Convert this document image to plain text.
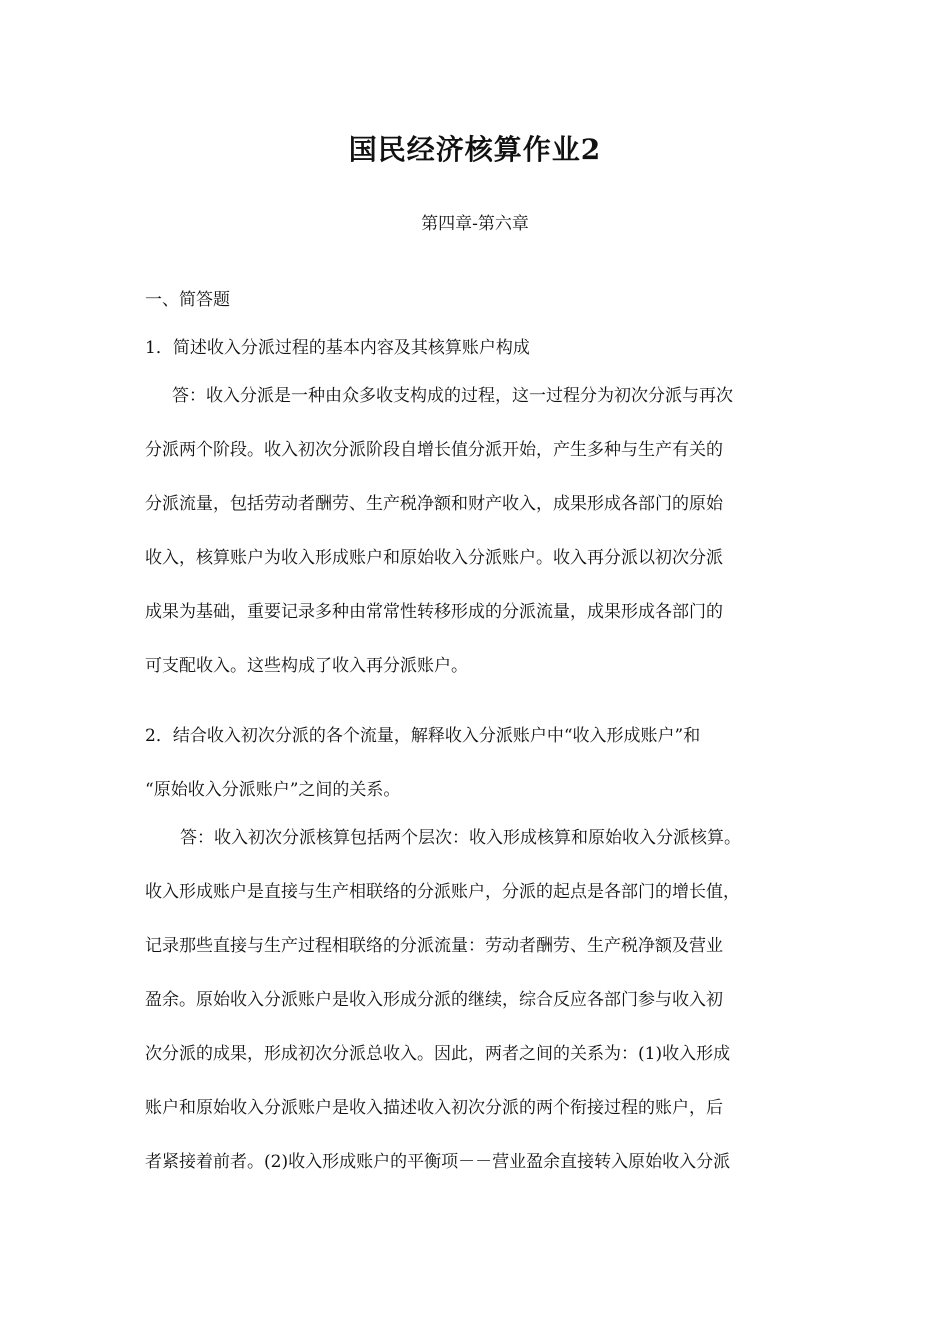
国民经济核算作业2
第四章-第六章
一、简答题
1．简述收入分派过程的基本内容及其核算账户构成
答：收入分派是一种由众多收支构成的过程，这一过程分为初次分派与再次
分派两个阶段。收入初次分派阶段自增长值分派开始，产生多种与生产有关的
分派流量，包括劳动者酬劳、生产税净额和财产收入，成果形成各部门的原始
收入，核算账户为收入形成账户和原始收入分派账户。收入再分派以初次分派
成果为基础，重要记录多种由常常性转移形成的分派流量，成果形成各部门的
可支配收入。这些构成了收入再分派账户。
2．结合收入初次分派的各个流量，解释收入分派账户中“收入形成账户”和
“原始收入分派账户”之间的关系。
答：收入初次分派核算包括两个层次：收入形成核算和原始收入分派核算。
收入形成账户是直接与生产相联络的分派账户，分派的起点是各部门的增长值，
记录那些直接与生产过程相联络的分派流量：劳动者酬劳、生产税净额及营业
盈余。原始收入分派账户是收入形成分派的继续，综合反应各部门参与收入初
次分派的成果，形成初次分派总收入。因此，两者之间的关系为：(1)收入形成
账户和原始收入分派账户是收入描述收入初次分派的两个衔接过程的账户，后
者紧接着前者。(2)收入形成账户的平衡项－－营业盈余直接转入原始收入分派
